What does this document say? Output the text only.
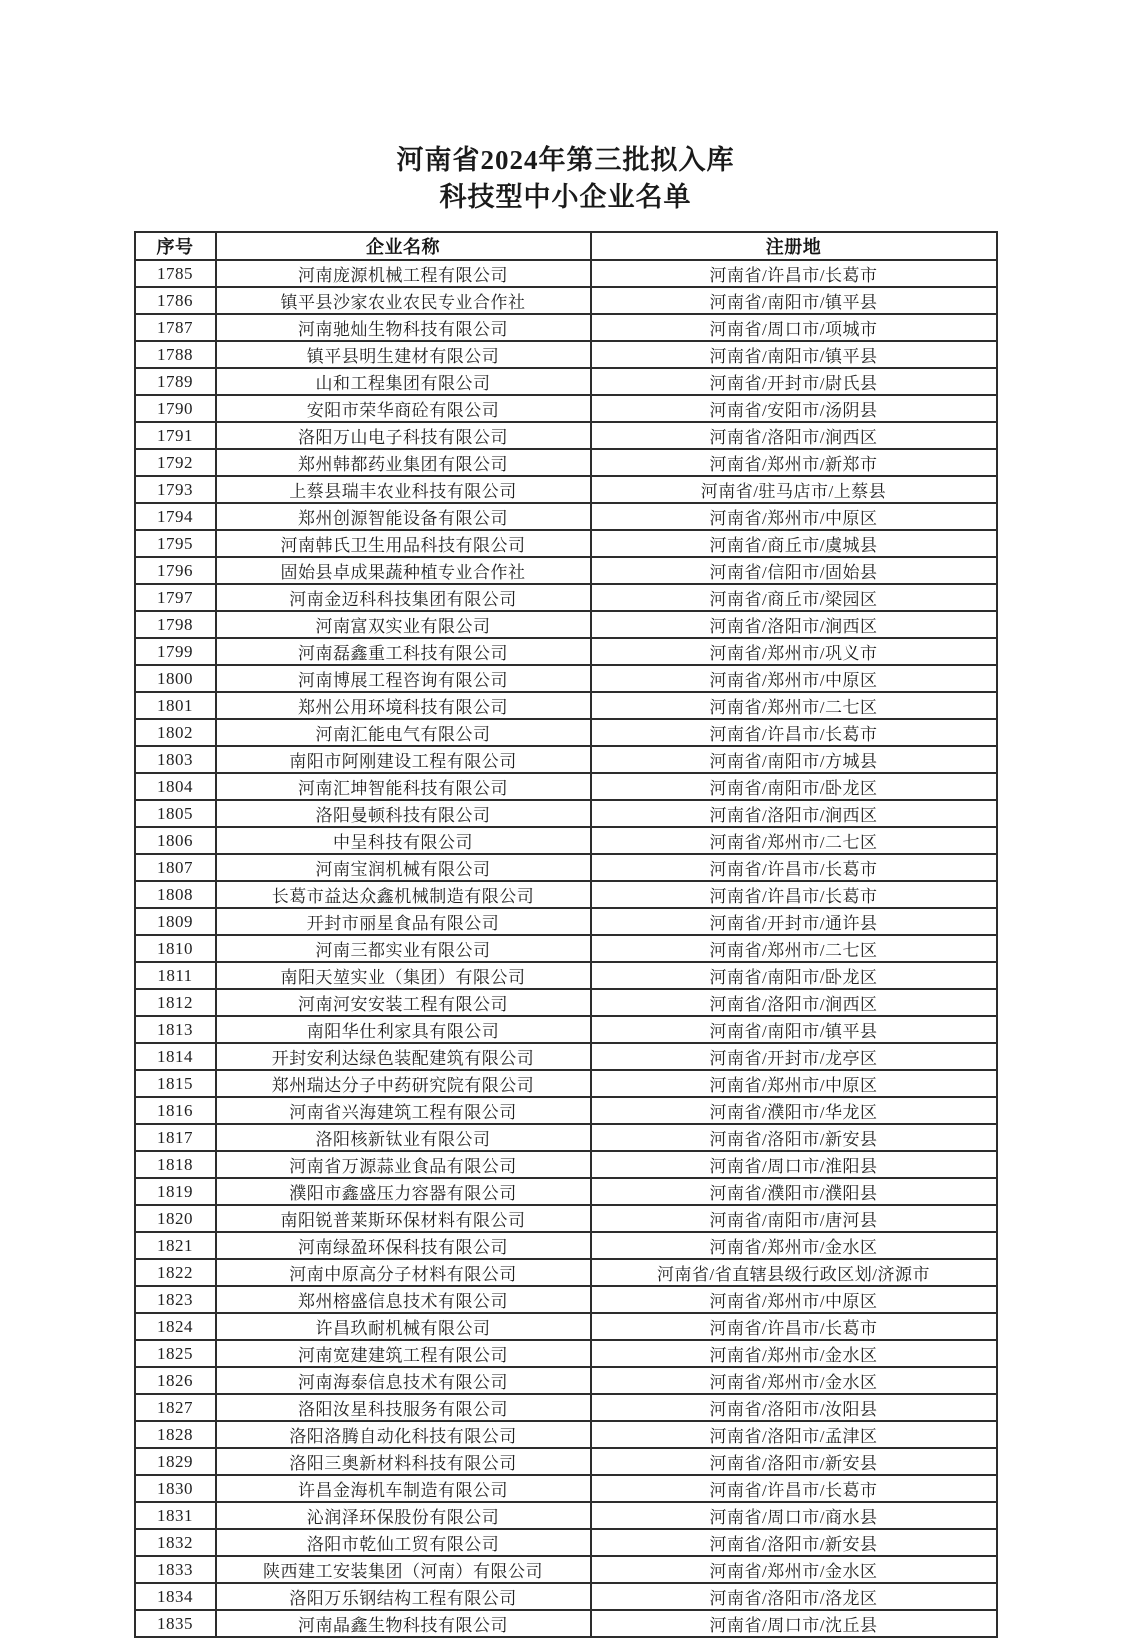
河南省2024年第三批拟入库
科技型中小企业名单
序号	企业名称	注册地
1785	河南庞源机械工程有限公司	河南省/许昌市/长葛市
1786	镇平县沙家农业农民专业合作社	河南省/南阳市/镇平县
1787	河南驰灿生物科技有限公司	河南省/周口市/项城市
1788	镇平县明生建材有限公司	河南省/南阳市/镇平县
1789	山和工程集团有限公司	河南省/开封市/尉氏县
1790	安阳市荣华商砼有限公司	河南省/安阳市/汤阴县
1791	洛阳万山电子科技有限公司	河南省/洛阳市/涧西区
1792	郑州韩都药业集团有限公司	河南省/郑州市/新郑市
1793	上蔡县瑞丰农业科技有限公司	河南省/驻马店市/上蔡县
1794	郑州创源智能设备有限公司	河南省/郑州市/中原区
1795	河南韩氏卫生用品科技有限公司	河南省/商丘市/虞城县
1796	固始县卓成果蔬种植专业合作社	河南省/信阳市/固始县
1797	河南金迈科科技集团有限公司	河南省/商丘市/梁园区
1798	河南富双实业有限公司	河南省/洛阳市/涧西区
1799	河南磊鑫重工科技有限公司	河南省/郑州市/巩义市
1800	河南博展工程咨询有限公司	河南省/郑州市/中原区
1801	郑州公用环境科技有限公司	河南省/郑州市/二七区
1802	河南汇能电气有限公司	河南省/许昌市/长葛市
1803	南阳市阿刚建设工程有限公司	河南省/南阳市/方城县
1804	河南汇坤智能科技有限公司	河南省/南阳市/卧龙区
1805	洛阳曼顿科技有限公司	河南省/洛阳市/涧西区
1806	中呈科技有限公司	河南省/郑州市/二七区
1807	河南宝润机械有限公司	河南省/许昌市/长葛市
1808	长葛市益达众鑫机械制造有限公司	河南省/许昌市/长葛市
1809	开封市丽星食品有限公司	河南省/开封市/通许县
1810	河南三都实业有限公司	河南省/郑州市/二七区
1811	南阳天堃实业（集团）有限公司	河南省/南阳市/卧龙区
1812	河南河安安装工程有限公司	河南省/洛阳市/涧西区
1813	南阳华仕利家具有限公司	河南省/南阳市/镇平县
1814	开封安利达绿色装配建筑有限公司	河南省/开封市/龙亭区
1815	郑州瑞达分子中药研究院有限公司	河南省/郑州市/中原区
1816	河南省兴海建筑工程有限公司	河南省/濮阳市/华龙区
1817	洛阳核新钛业有限公司	河南省/洛阳市/新安县
1818	河南省万源蒜业食品有限公司	河南省/周口市/淮阳县
1819	濮阳市鑫盛压力容器有限公司	河南省/濮阳市/濮阳县
1820	南阳锐普莱斯环保材料有限公司	河南省/南阳市/唐河县
1821	河南绿盈环保科技有限公司	河南省/郑州市/金水区
1822	河南中原高分子材料有限公司	河南省/省直辖县级行政区划/济源市
1823	郑州榕盛信息技术有限公司	河南省/郑州市/中原区
1824	许昌玖耐机械有限公司	河南省/许昌市/长葛市
1825	河南宽建建筑工程有限公司	河南省/郑州市/金水区
1826	河南海泰信息技术有限公司	河南省/郑州市/金水区
1827	洛阳汝星科技服务有限公司	河南省/洛阳市/汝阳县
1828	洛阳洛腾自动化科技有限公司	河南省/洛阳市/孟津区
1829	洛阳三奥新材料科技有限公司	河南省/洛阳市/新安县
1830	许昌金海机车制造有限公司	河南省/许昌市/长葛市
1831	沁润泽环保股份有限公司	河南省/周口市/商水县
1832	洛阳市乾仙工贸有限公司	河南省/洛阳市/新安县
1833	陕西建工安装集团（河南）有限公司	河南省/郑州市/金水区
1834	洛阳万乐钢结构工程有限公司	河南省/洛阳市/洛龙区
1835	河南晶鑫生物科技有限公司	河南省/周口市/沈丘县
